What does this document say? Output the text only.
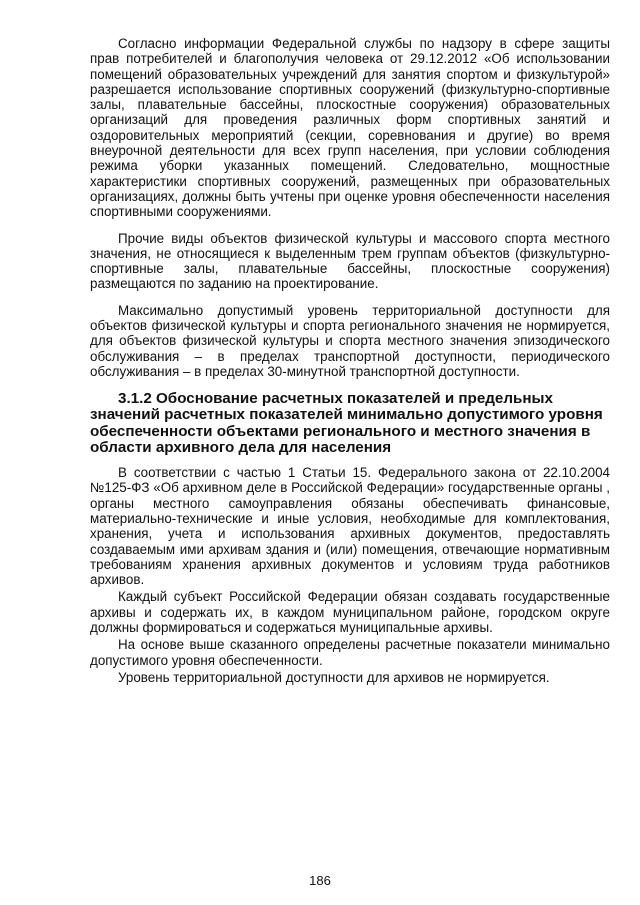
Согласно информации Федеральной службы по надзору в сфере защиты прав потребителей и благополучия человека от 29.12.2012 «Об использовании помещений образовательных учреждений для занятия спортом и физкультурой» разрешается использование спортивных сооружений (физкультурно-спортивные залы, плавательные бассейны, плоскостные сооружения) образовательных организаций для проведения различных форм спортивных занятий и оздоровительных мероприятий (секции, соревнования и другие) во время внеурочной деятельности для всех групп населения, при условии соблюдения режима уборки указанных помещений. Следовательно, мощностные характеристики спортивных сооружений, размещенных при образовательных организациях, должны быть учтены при оценке уровня обеспеченности населения спортивными сооружениями.

Прочие виды объектов физической культуры и массового спорта местного значения, не относящиеся к выделенным трем группам объектов (физкультурно-спортивные залы, плавательные бассейны, плоскостные сооружения) размещаются по заданию на проектирование.

Максимально допустимый уровень территориальной доступности для объектов физической культуры и спорта регионального значения не нормируется, для объектов физической культуры и спорта местного значения эпизодического обслуживания – в пределах транспортной доступности, периодического обслуживания – в пределах 30-минутной транспортной доступности.

3.1.2 Обоснование расчетных показателей и предельных значений расчетных показателей минимально допустимого уровня обеспеченности объектами регионального и местного значения в области архивного дела для населения

В соответствии с частью 1 Статьи 15. Федерального закона от 22.10.2004 №125-ФЗ «Об архивном деле в Российской Федерации» государственные органы , органы местного самоуправления обязаны обеспечивать финансовые, материально-технические и иные условия, необходимые для комплектования, хранения, учета и использования архивных документов, предоставлять создаваемым ими архивам здания и (или) помещения, отвечающие нормативным требованиям хранения архивных документов и условиям труда работников архивов.

Каждый субъект Российской Федерации обязан создавать государственные архивы и содержать их, в каждом муниципальном районе, городском округе должны формироваться и содержаться муниципальные архивы.

На основе выше сказанного определены расчетные показатели минимально допустимого уровня обеспеченности.

Уровень территориальной доступности для архивов не нормируется.

186
